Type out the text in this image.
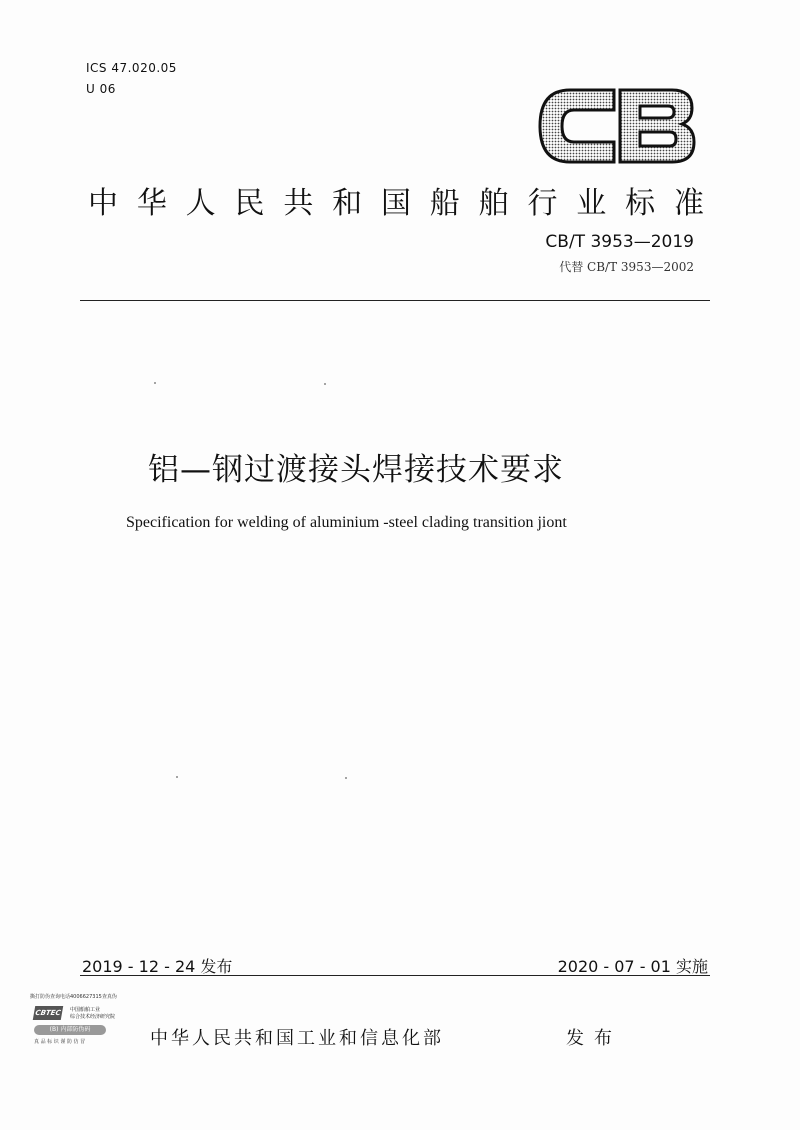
ICS 47.020.05
U 06
中 华 人 民 共 和 国 船 舶 行 业 标 准
CB/T 3953—2019
代替 CB/T 3953—2002
铝—钢过渡接头焊接技术要求
Specification for welding of aluminium -steel clading transition jiont
2019 - 12 - 24 发布	2020 - 07 - 01 实施
撕打防伪查询电话4006627315查真伪
CBTEC	中国船舶工业
综合技术经济研究院
(B) 内部防伪码
真 品 标 识 谨 防 仿 冒	中华人民共和国工业和信息化部	发布
